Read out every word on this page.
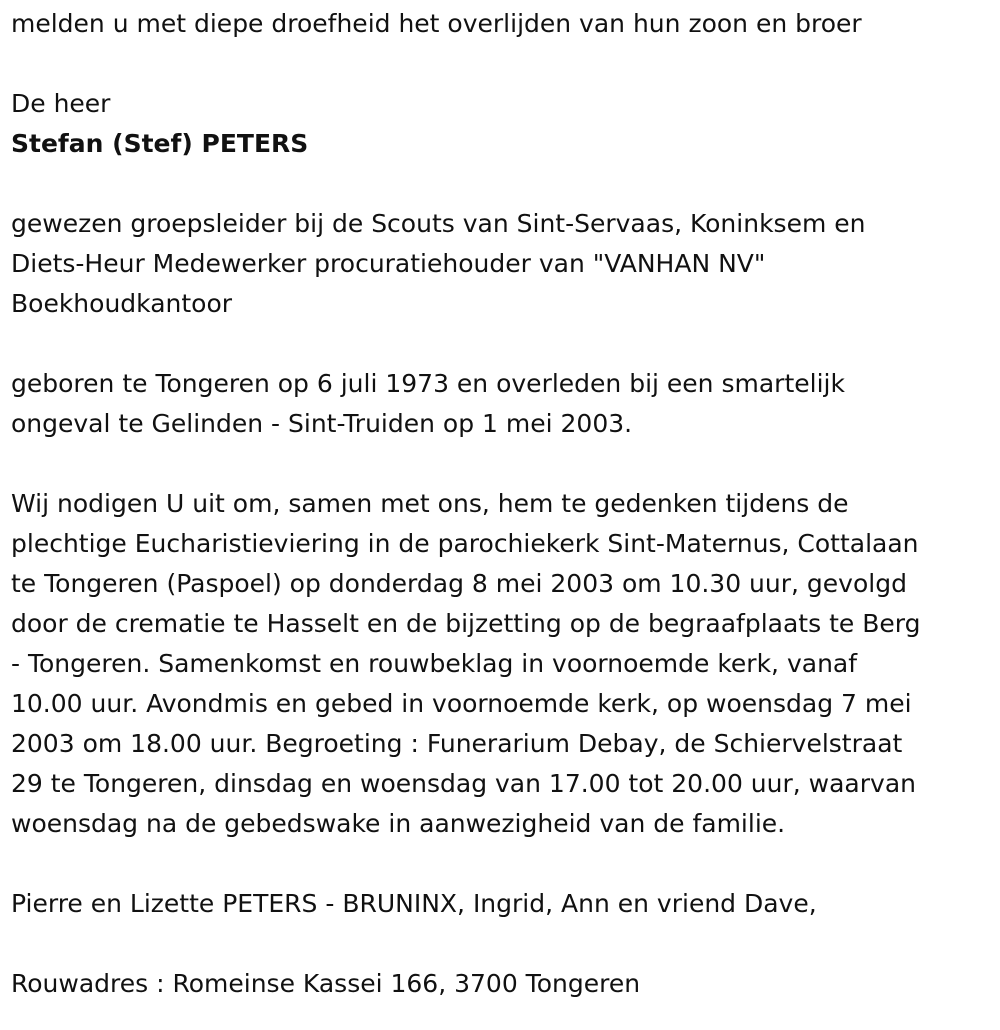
melden u met diepe droefheid het overlijden van hun zoon en broer

De heer

Stefan (Stef) PETERS

gewezen groepsleider bij de Scouts van Sint-Servaas, Koninksem en
Diets-Heur Medewerker procuratiehouder van "VANHAN NV"
Boekhoudkantoor

geboren te Tongeren op 6 juli 1973 en overleden bij een smartelijk
ongeval te Gelinden - Sint-Truiden op 1 mei 2003.

Wij nodigen U uit om, samen met ons, hem te gedenken tijdens de
plechtige Eucharistieviering in de parochiekerk Sint-Maternus, Cottalaan
te Tongeren (Paspoel) op donderdag 8 mei 2003 om 10.30 uur, gevolgd
door de crematie te Hasselt en de bijzetting op de begraafplaats te Berg
- Tongeren. Samenkomst en rouwbeklag in voornoemde kerk, vanaf
10.00 uur. Avondmis en gebed in voornoemde kerk, op woensdag 7 mei
2003 om 18.00 uur. Begroeting : Funerarium Debay, de Schiervelstraat
29 te Tongeren, dinsdag en woensdag van 17.00 tot 20.00 uur, waarvan
woensdag na de gebedswake in aanwezigheid van de familie.

Pierre en Lizette PETERS - BRUNINX, Ingrid, Ann en vriend Dave,

Rouwadres : Romeinse Kassei 166, 3700 Tongeren
